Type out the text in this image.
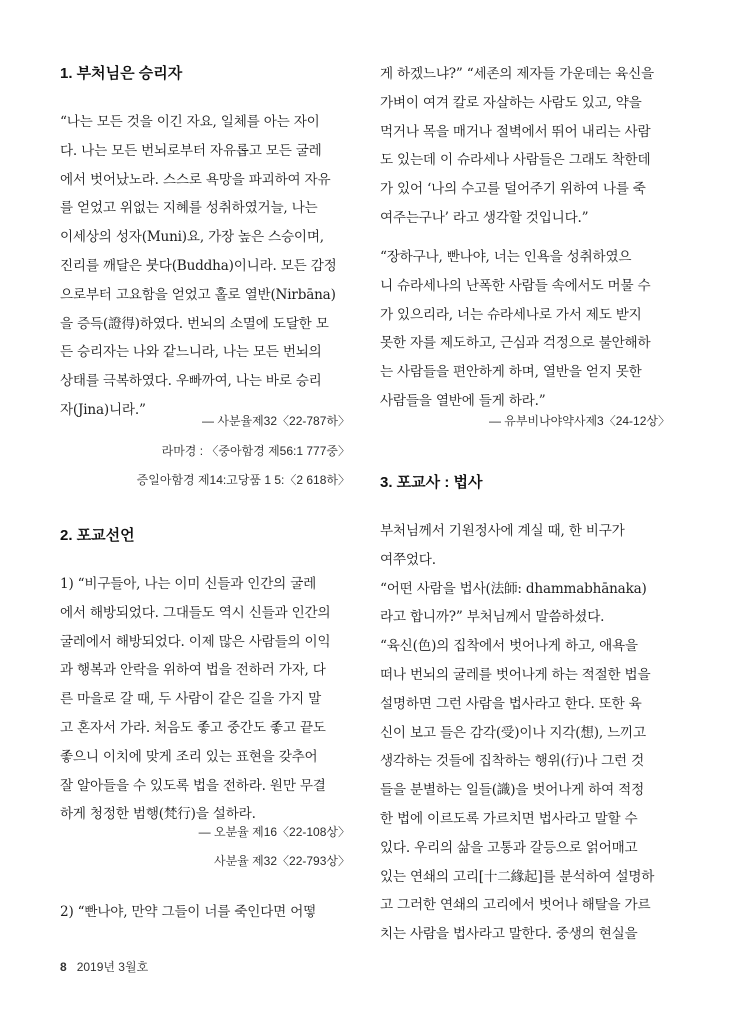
1. 부처님은 승리자

“나는 모든 것을 이긴 자요, 일체를 아는 자이
다. 나는 모든 번뇌로부터 자유롭고 모든 굴레
에서 벗어났노라. 스스로 욕망을 파괴하여 자유
를 얻었고 위없는 지혜를 성취하였거늘, 나는
이세상의 성자(Muni)요, 가장 높은 스승이며,
진리를 깨달은 붓다(Buddha)이니라. 모든 감정
으로부터 고요함을 얻었고 홀로 열반(Nirbāna)
을 증득(證得)하였다. 번뇌의 소멸에 도달한 모
든 승리자는 나와 같느니라, 나는 모든 번뇌의
상태를 극복하였다. 우빠까여, 나는 바로 승리
자(Jina)니라.”

— 사분율제32〈22-787하〉
라마경 : 〈중아함경 제56:1 777중〉
증일아함경 제14:고당품 1 5:〈2 618하〉
2. 포교선언

1) “비구들아, 나는 이미 신들과 인간의 굴레
에서 해방되었다. 그대들도 역시 신들과 인간의
굴레에서 해방되었다. 이제 많은 사람들의 이익
과 행복과 안락을 위하여 법을 전하러 가자, 다
른 마을로 갈 때, 두 사람이 같은 길을 가지 말
고 혼자서 가라. 처음도 좋고 중간도 좋고 끝도
좋으니 이치에 맞게 조리 있는 표현을 갖추어
잘 알아들을 수 있도록 법을 전하라. 원만 무결
하게 청정한 범행(梵行)을 설하라.

— 오분율 제16〈22-108상〉
사분율 제32〈22-793상〉

2) “빤나야, 만약 그들이 너를 죽인다면 어떻

게 하겠느냐?” “세존의 제자들 가운데는 육신을
가벼이 여겨 칼로 자살하는 사람도 있고, 약을
먹거나 목을 매거나 절벽에서 뛰어 내리는 사람
도 있는데 이 슈라세나 사람들은 그래도 착한데
가 있어 ‘나의 수고를 덜어주기 위하여 나를 죽
여주는구나’ 라고 생각할 것입니다.”

“장하구나, 빤나야, 너는 인욕을 성취하였으
니 슈라세나의 난폭한 사람들 속에서도 머물 수
가 있으리라, 너는 슈라세나로 가서 제도 받지
못한 자를 제도하고, 근심과 걱정으로 불안해하
는 사람들을 편안하게 하며, 열반을 얻지 못한
사람들을 열반에 들게 하라.”

— 유부비나야약사제3〈24-12상〉
3. 포교사 : 법사

부처님께서 기원정사에 계실 때, 한 비구가
여쭈었다.
“어떤 사람을 법사(法師: dhammabhānaka)
라고 합니까?” 부처님께서 말씀하셨다.
“육신(色)의 집착에서 벗어나게 하고, 애욕을
떠나 번뇌의 굴레를 벗어나게 하는 적절한 법을
설명하면 그런 사람을 법사라고 한다. 또한 육
신이 보고 들은 감각(受)이나 지각(想), 느끼고
생각하는 것들에 집착하는 행위(行)나 그런 것
들을 분별하는 일들(識)을 벗어나게 하여 적정
한 법에 이르도록 가르치면 법사라고 말할 수
있다. 우리의 삶을 고통과 갈등으로 얽어매고
있는 연쇄의 고리[十二緣起]를 분석하여 설명하
고 그러한 연쇄의 고리에서 벗어나 해탈을 가르
치는 사람을 법사라고 말한다. 중생의 현실을

8 2019년 3월호
